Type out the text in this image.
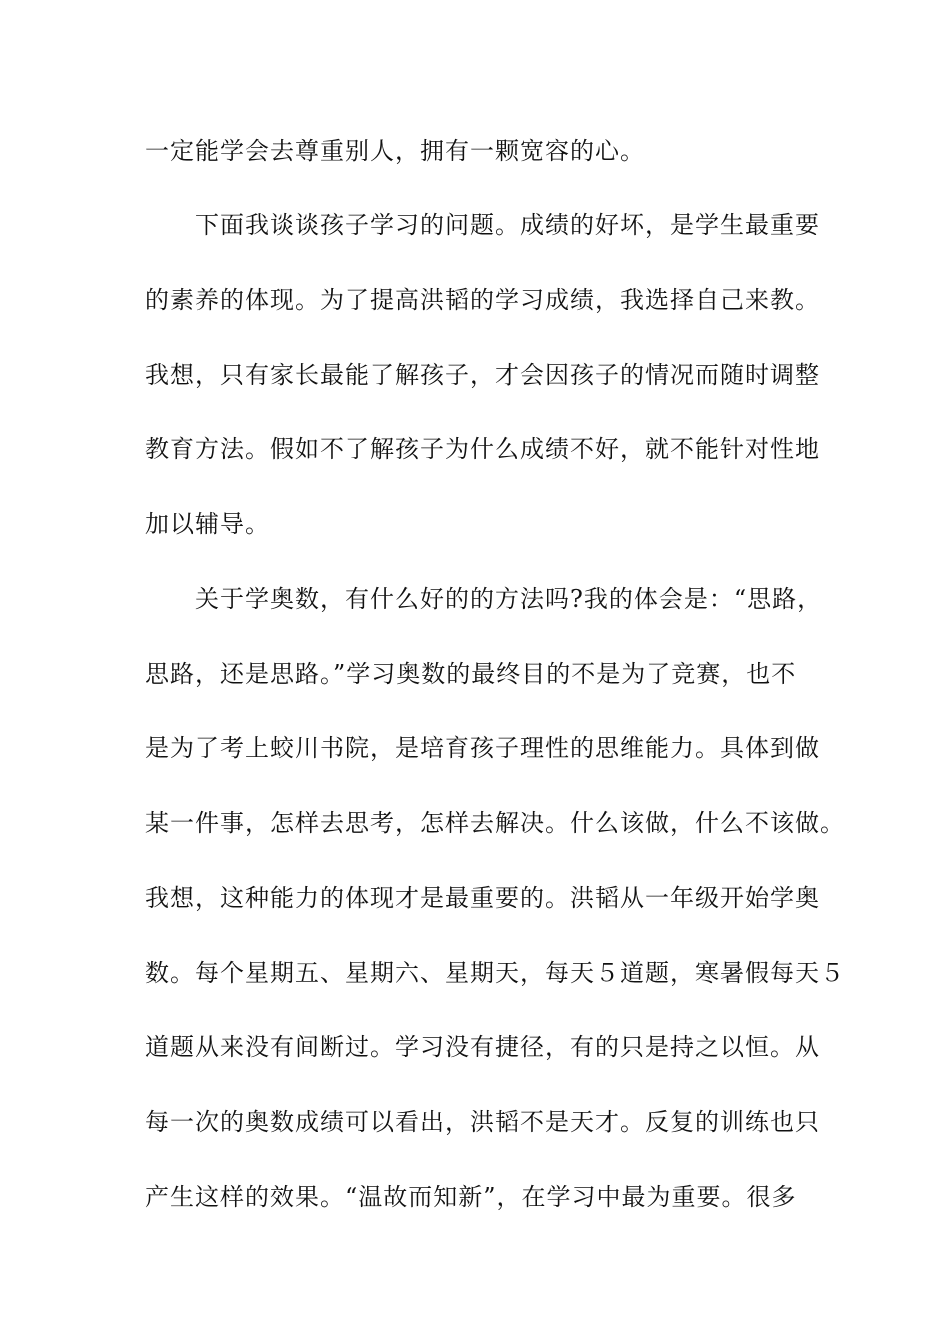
一定能学会去尊重别人，拥有一颗宽容的心。
　　下面我谈谈孩子学习的问题。成绩的好坏，是学生最重要
的素养的体现。为了提高洪韬的学习成绩，我选择自己来教。
我想，只有家长最能了解孩子，才会因孩子的情况而随时调整
教育方法。假如不了解孩子为什么成绩不好，就不能针对性地
加以辅导。
　　关于学奥数，有什么好的的方法吗?我的体会是：“思路，
思路，还是思路。”学习奥数的最终目的不是为了竞赛，也不
是为了考上蛟川书院，是培育孩子理性的思维能力。具体到做
某一件事，怎样去思考，怎样去解决。什么该做，什么不该做。
我想，这种能力的体现才是最重要的。洪韬从一年级开始学奥
数。每个星期五、星期六、星期天，每天５道题，寒暑假每天５
道题从来没有间断过。学习没有捷径，有的只是持之以恒。从
每一次的奥数成绩可以看出，洪韬不是天才。反复的训练也只
产生这样的效果。“温故而知新”，在学习中最为重要。很多
